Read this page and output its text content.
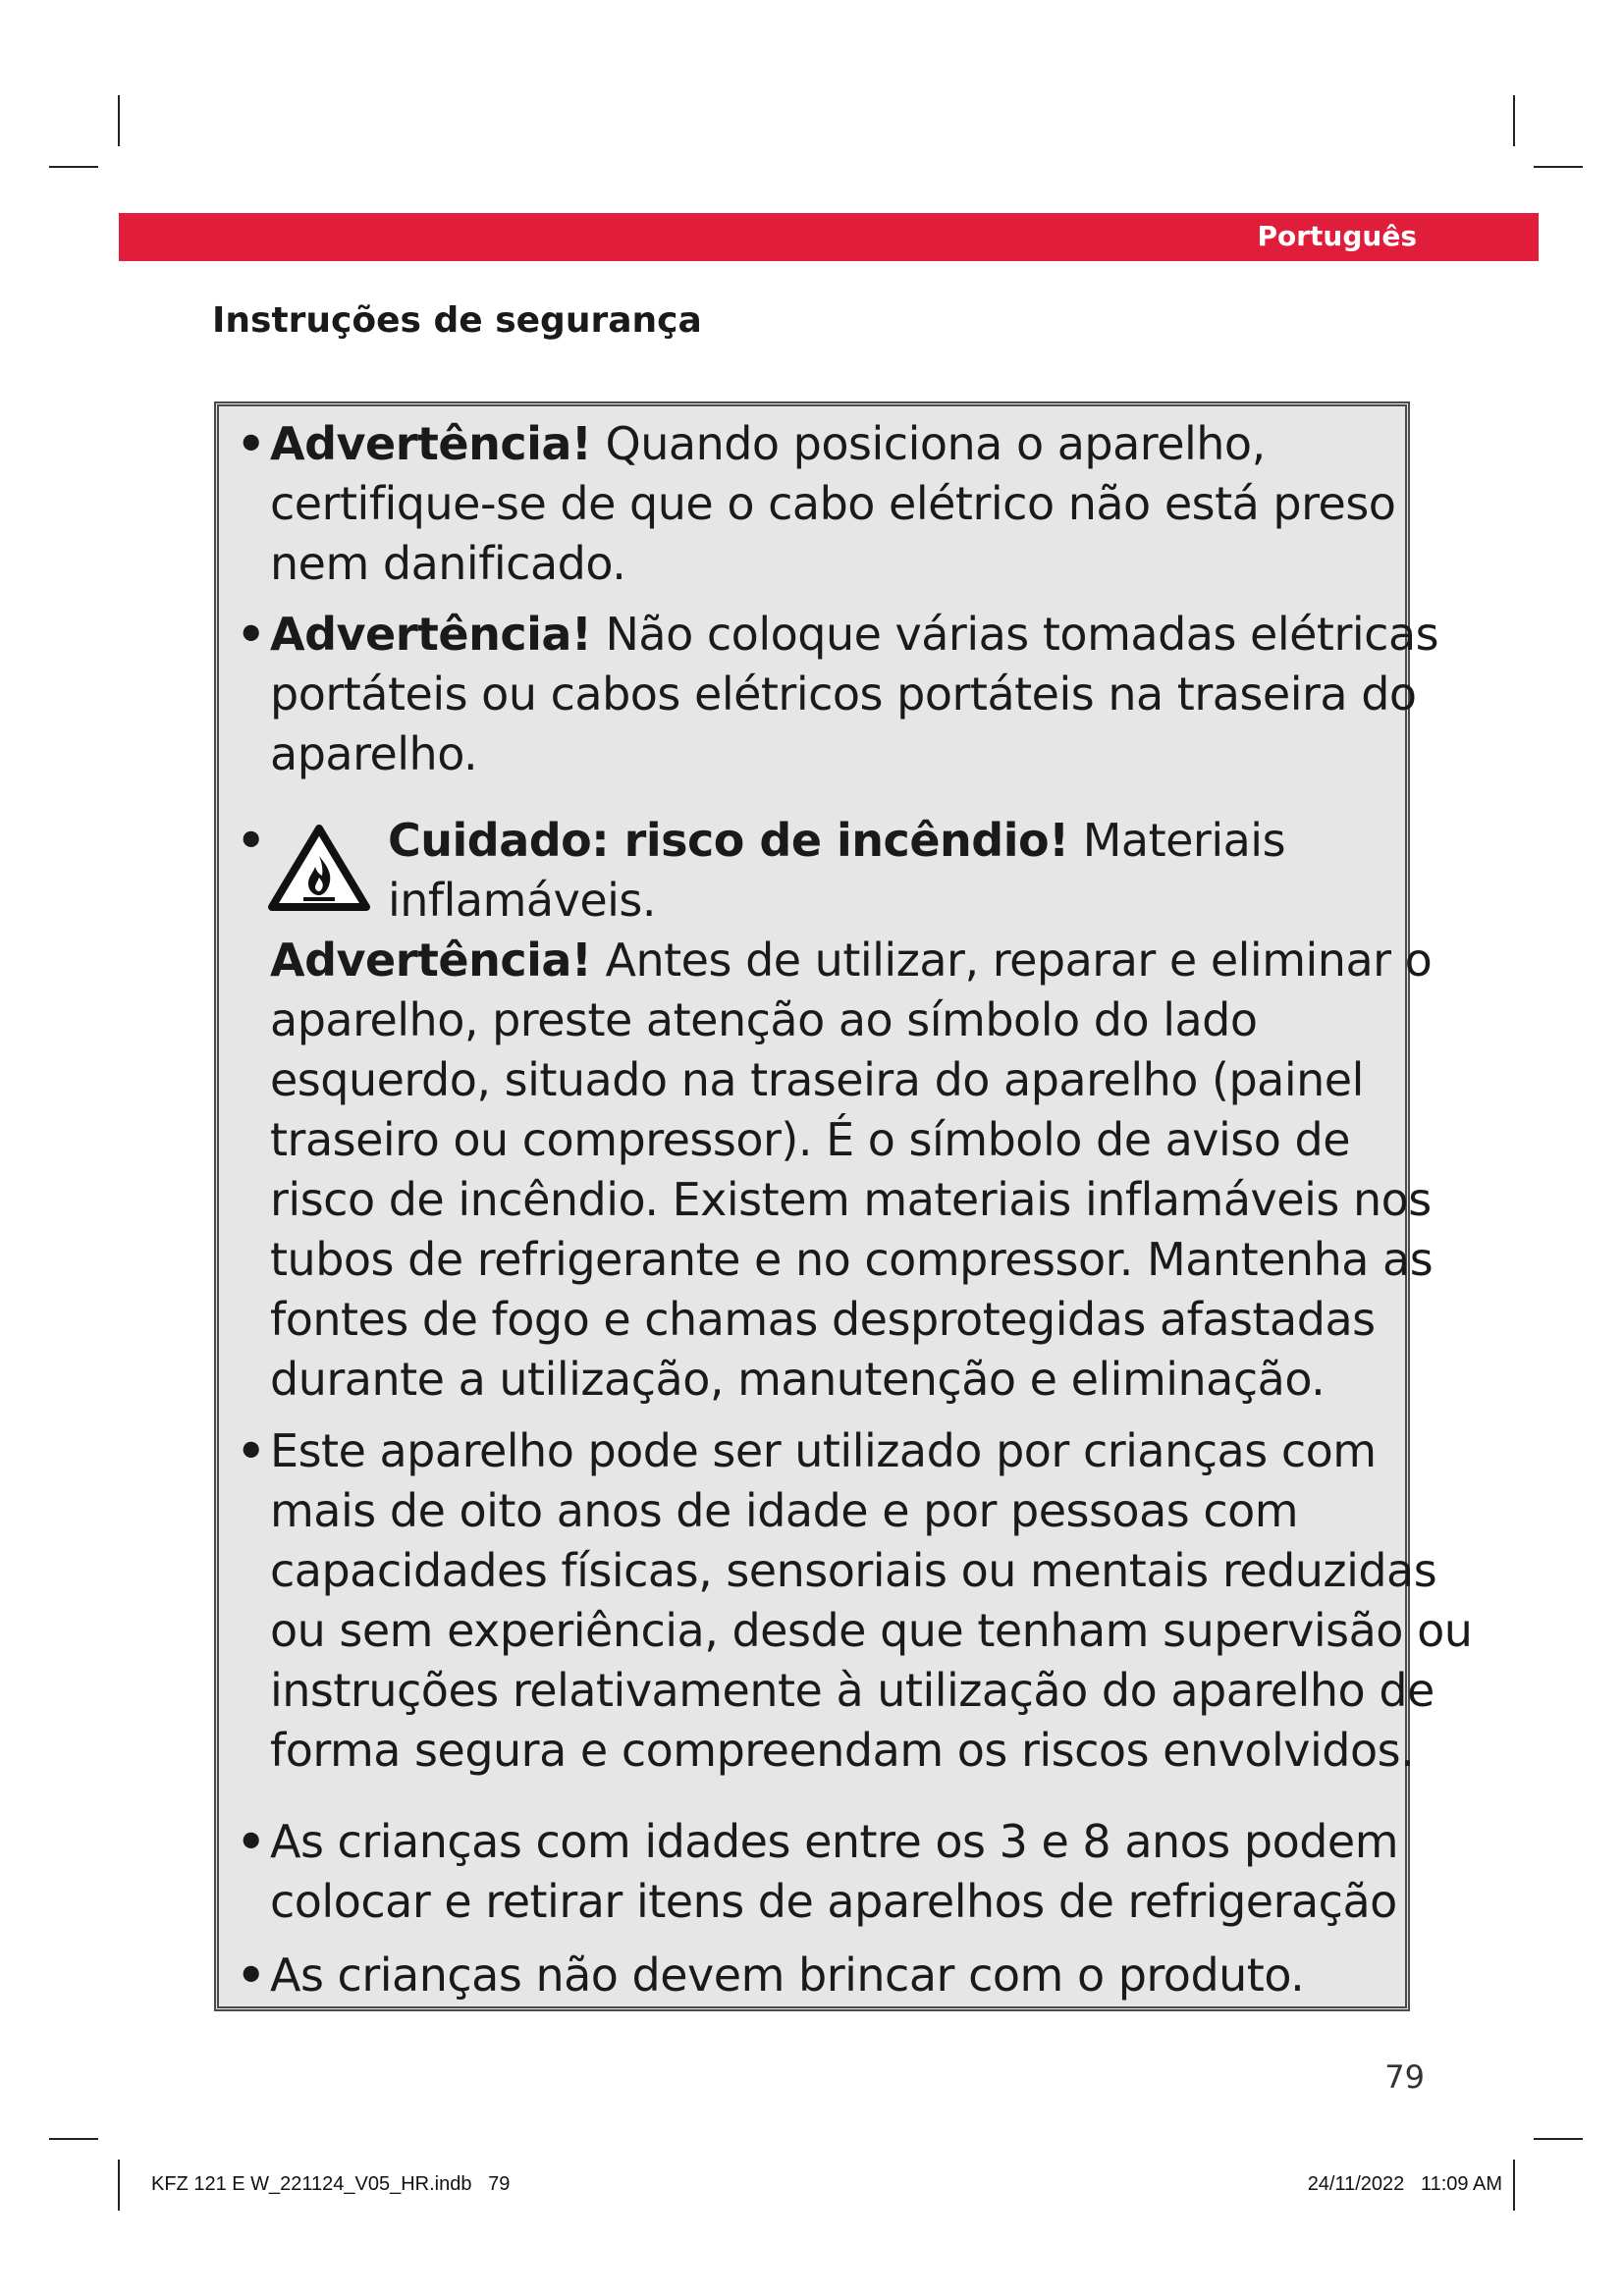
Português
Instruções de segurança
• Advertência! Quando posiciona o aparelho,
certifique-se de que o cabo elétrico não está preso
nem danificado.
• Advertência! Não coloque várias tomadas elétricas
portáteis ou cabos elétricos portáteis na traseira do
aparelho.
•	Cuidado: risco de incêndio! Materiais
inflamáveis.
Advertência! Antes de utilizar, reparar e eliminar o
aparelho, preste atenção ao símbolo do lado
esquerdo, situado na traseira do aparelho (painel
traseiro ou compressor). É o símbolo de aviso de
risco de incêndio. Existem materiais inflamáveis nos
tubos de refrigerante e no compressor. Mantenha as
fontes de fogo e chamas desprotegidas afastadas
durante a utilização, manutenção e eliminação.
• Este aparelho pode ser utilizado por crianças com
mais de oito anos de idade e por pessoas com
capacidades físicas, sensoriais ou mentais reduzidas
ou sem experiência, desde que tenham supervisão ou
instruções relativamente à utilização do aparelho de
forma segura e compreendam os riscos envolvidos.
• As crianças com idades entre os 3 e 8 anos podem
colocar e retirar itens de aparelhos de refrigeração
• As crianças não devem brincar com o produto.
79
KFZ 121 E W_221124_V05_HR.indb   79	24/11/2022   11:09 AM
